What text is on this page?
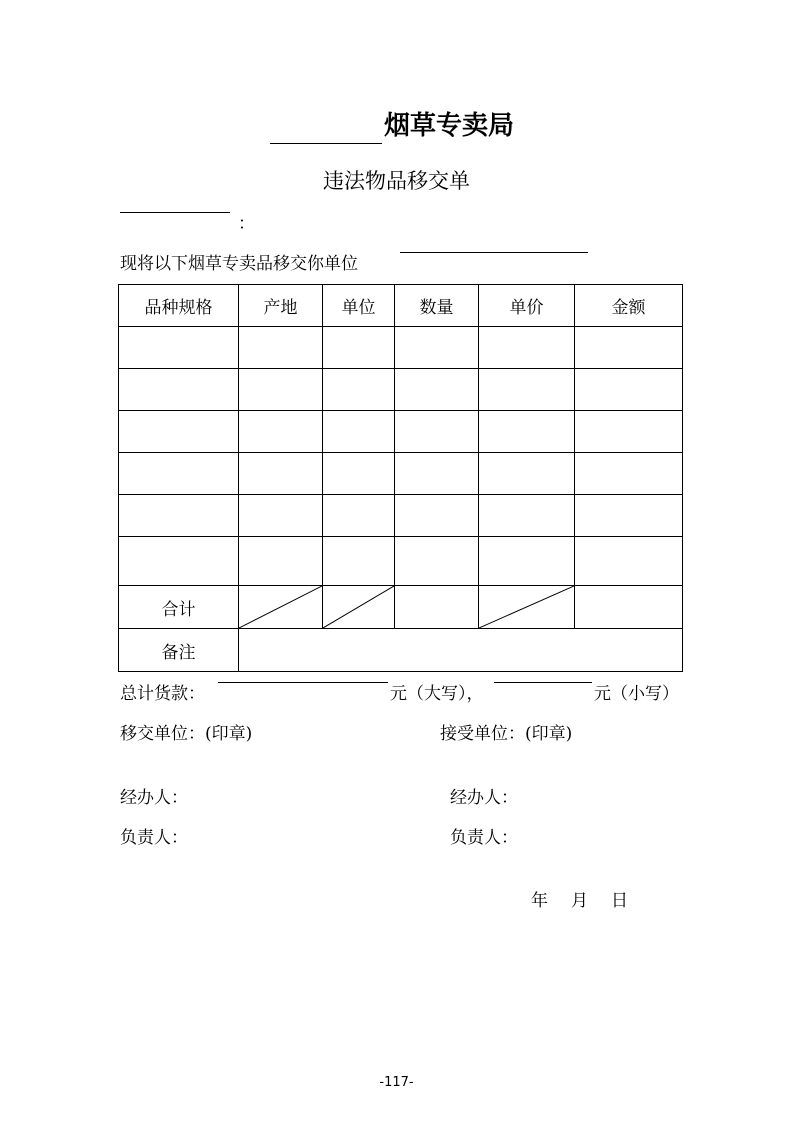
烟草专卖局
违法物品移交单
：
现将以下烟草专卖品移交你单位
品种规格	产地	单位	数量	单价	金额

合计	

备注					
总计货款：	元（大写），	元（小写）
移交单位：(印章)	接受单位：(印章)
经办人：	经办人：
负责人：	负责人：
年 月 日
-117-
